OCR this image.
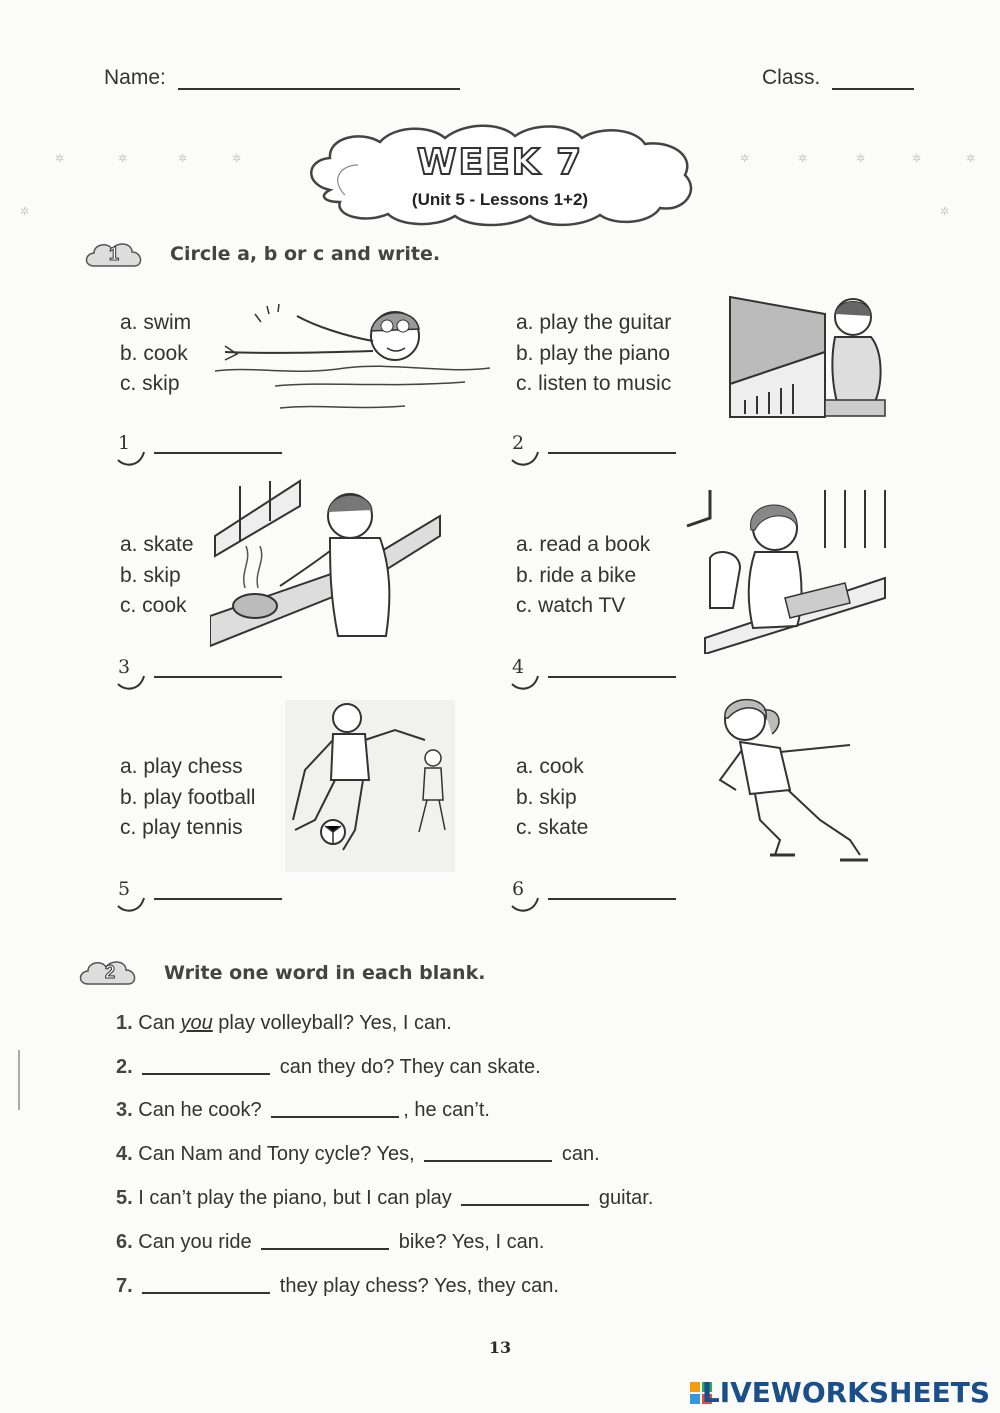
Name:	Class.
✲	✲	✲	✲
✲
✲	✲	✲	✲	✲
✲
WEEK 7
(Unit 5 - Lessons 1+2)
1	Circle a, b or c and write.
a. swim
b. cook
c. skip
1
a. play the guitar
b. play the piano
c. listen to music
2
a. skate
b. skip
c. cook
3
a. read a book
b. ride a bike
c. watch TV
4
a. play chess
b. play football
c. play tennis
5
a. cook
b. skip
c. skate
6
2	Write one word in each blank.
1. Can you play volleyball? Yes, I can.
2.	can they do? They can skate.
3. Can he cook?	, he can’t.
4. Can Nam and Tony cycle? Yes,	can.
5. I can’t play the piano, but I can play	guitar.
6. Can you ride	bike? Yes, I can.
7.	they play chess? Yes, they can.
13
LIVEWORKSHEETS
